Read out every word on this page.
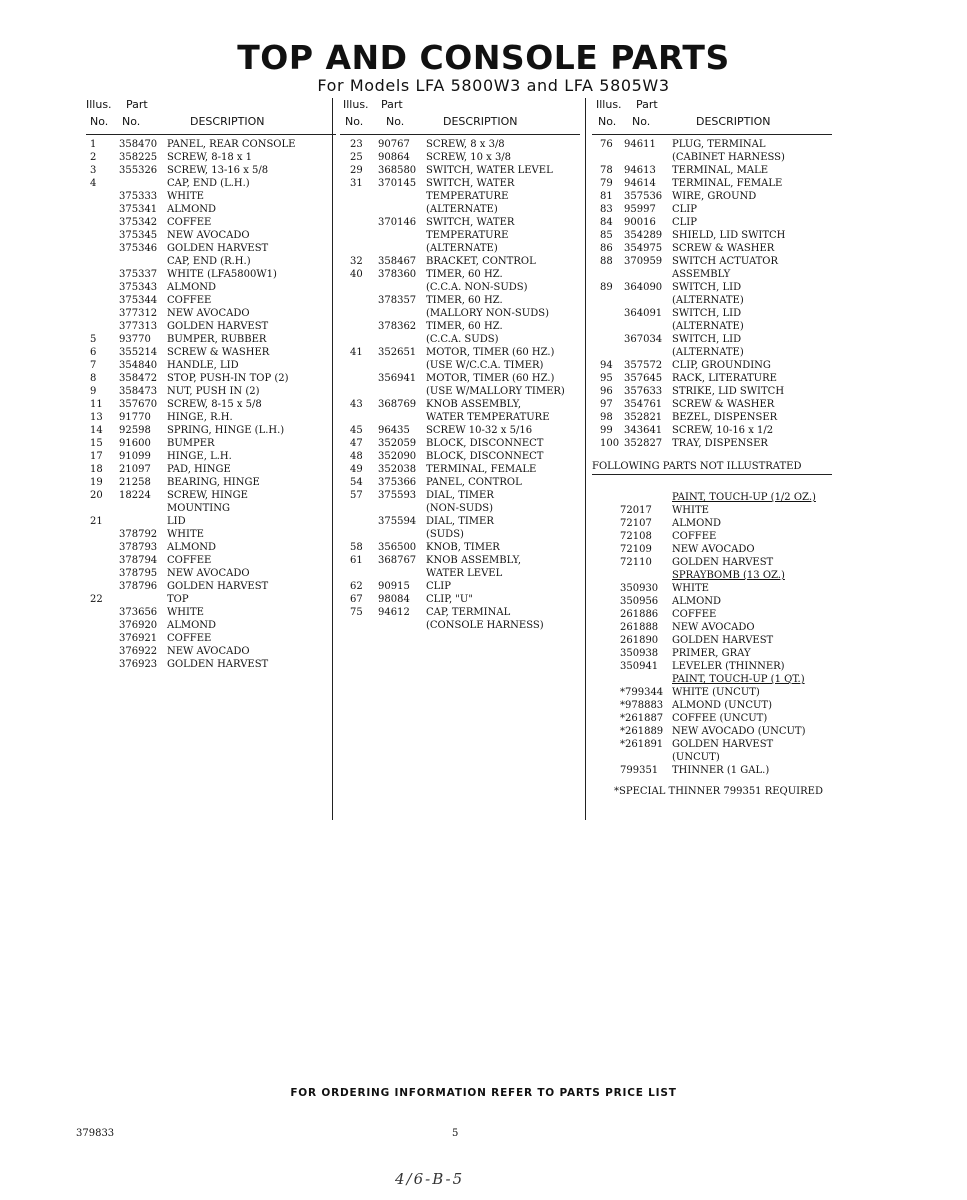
TOP AND CONSOLE PARTS
For Models LFA 5800W3 and LFA 5805W3
Illus. Part
No. No.	DESCRIPTION
1 358470 PANEL, REAR CONSOLE
2 358225 SCREW, 8-18 x 1
3 355326 SCREW, 13-16 x 5/8
4	CAP, END (L.H.)
375333 WHITE
375341 ALMOND
375342 COFFEE
375345 NEW AVOCADO
375346 GOLDEN HARVEST
CAP, END (R.H.)
375337 WHITE (LFA5800W1)
375343 ALMOND
375344 COFFEE
377312 NEW AVOCADO
377313 GOLDEN HARVEST
5 93770 BUMPER, RUBBER
6 355214 SCREW & WASHER
7 354840 HANDLE, LID
8 358472 STOP, PUSH-IN TOP (2)
9 358473 NUT, PUSH IN (2)
11 357670 SCREW, 8-15 x 5/8
13 91770 HINGE, R.H.
14 92598 SPRING, HINGE (L.H.)
15 91600 BUMPER
17 91099 HINGE, L.H.
18 21097 PAD, HINGE
19 21258 BEARING, HINGE
20 18224 SCREW, HINGE
MOUNTING
21	LID
378792 WHITE
378793 ALMOND
378794 COFFEE
378795 NEW AVOCADO
378796 GOLDEN HARVEST
22	TOP
373656 WHITE
376920 ALMOND
376921 COFFEE
376922 NEW AVOCADO
376923 GOLDEN HARVEST
Illus. Part
No. No.	DESCRIPTION
23 90767 SCREW, 8 x 3/8
25 90864 SCREW, 10 x 3/8
29 368580 SWITCH, WATER LEVEL
31 370145 SWITCH, WATER
TEMPERATURE
(ALTERNATE)
370146 SWITCH, WATER
TEMPERATURE
(ALTERNATE)
32 358467 BRACKET, CONTROL
40 378360 TIMER, 60 HZ.
(C.C.A. NON-SUDS)
378357 TIMER, 60 HZ.
(MALLORY NON-SUDS)
378362 TIMER, 60 HZ.
(C.C.A. SUDS)
41 352651 MOTOR, TIMER (60 HZ.)
(USE W/C.C.A. TIMER)
356941 MOTOR, TIMER (60 HZ.)
(USE W/MALLORY TIMER)
43 368769 KNOB ASSEMBLY,
WATER TEMPERATURE
45 96435 SCREW 10-32 x 5/16
47 352059 BLOCK, DISCONNECT
48 352090 BLOCK, DISCONNECT
49 352038 TERMINAL, FEMALE
54 375366 PANEL, CONTROL
57 375593 DIAL, TIMER
(NON-SUDS)
375594 DIAL, TIMER
(SUDS)
58 356500 KNOB, TIMER
61 368767 KNOB ASSEMBLY,
WATER LEVEL
62 90915 CLIP
67 98084 CLIP, "U"
75 94612 CAP, TERMINAL
(CONSOLE HARNESS)
Illus. Part
No. No.	DESCRIPTION
76 94611 PLUG, TERMINAL
(CABINET HARNESS)
78 94613 TERMINAL, MALE
79 94614 TERMINAL, FEMALE
81 357536 WIRE, GROUND
83 95997 CLIP
84 90016 CLIP
85 354289 SHIELD, LID SWITCH
86 354975 SCREW & WASHER
88 370959 SWITCH ACTUATOR
ASSEMBLY
89 364090 SWITCH, LID
(ALTERNATE)
364091 SWITCH, LID
(ALTERNATE)
367034 SWITCH, LID
(ALTERNATE)
94 357572 CLIP, GROUNDING
95 357645 RACK, LITERATURE
96 357633 STRIKE, LID SWITCH
97 354761 SCREW & WASHER
98 352821 BEZEL, DISPENSER
99 343641 SCREW, 10-16 x 1/2
100 352827 TRAY, DISPENSER
FOLLOWING PARTS NOT ILLUSTRATED
PAINT, TOUCH-UP (1/2 OZ.)
72017 WHITE
72107 ALMOND
72108 COFFEE
72109 NEW AVOCADO
72110 GOLDEN HARVEST
SPRAYBOMB (13 OZ.)
350930 WHITE
350956 ALMOND
261886 COFFEE
261888 NEW AVOCADO
261890 GOLDEN HARVEST
350938 PRIMER, GRAY
350941 LEVELER (THINNER)
PAINT, TOUCH-UP (1 QT.)
*799344 WHITE (UNCUT)
*978883 ALMOND (UNCUT)
*261887 COFFEE (UNCUT)
*261889 NEW AVOCADO (UNCUT)
*261891 GOLDEN HARVEST
(UNCUT)
799351 THINNER (1 GAL.)
*SPECIAL THINNER 799351 REQUIRED
FOR ORDERING INFORMATION REFER TO PARTS PRICE LIST
379833	5
4/6-B-5
